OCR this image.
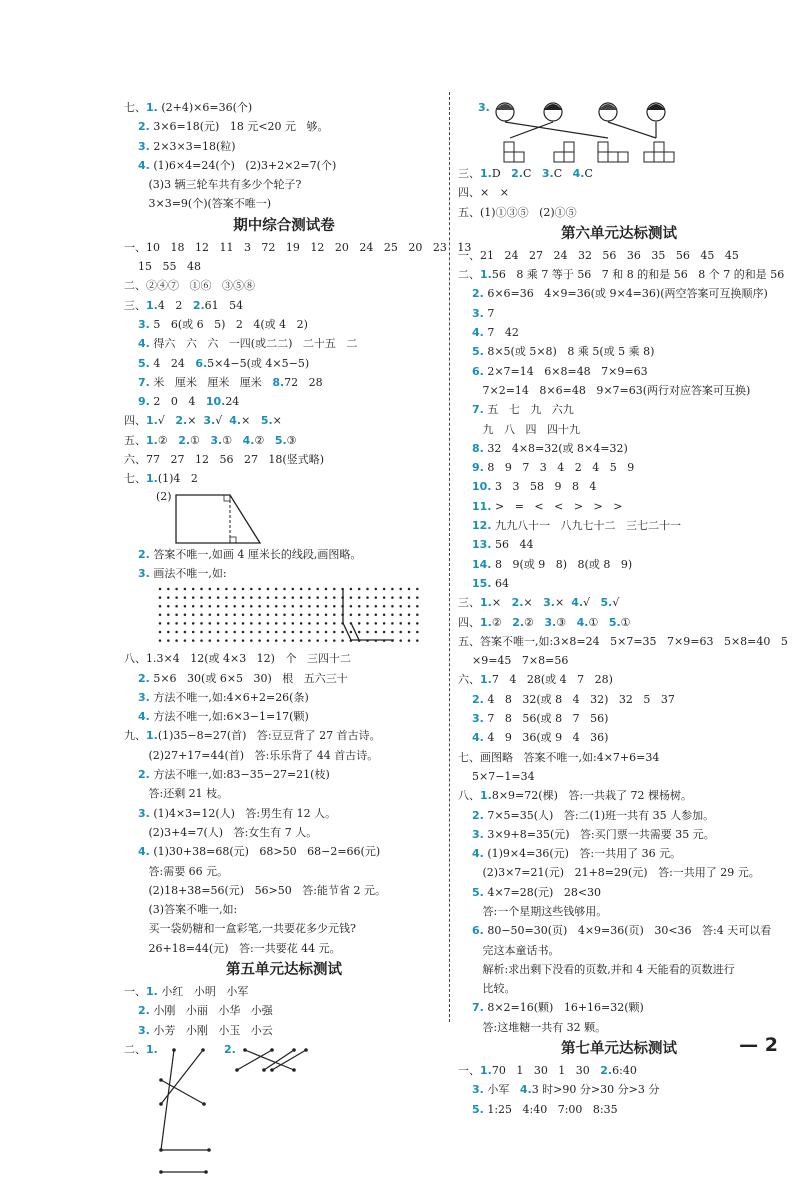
七、1. (2+4)×6=36(个)
2. 3×6=18(元)   18 元<20 元   够。
3. 2×3×3=18(粒)
4. (1)6×4=24(个)   (2)3+2×2=7(个)
(3)3 辆三轮车共有多少个轮子?
3×3=9(个)(答案不唯一)
期中综合测试卷
一、10   18   12   11   3   72   19   12   20   24   25   20   23   13
15   55   48
二、②④⑦   ①⑥   ③⑤⑧
三、1.4   2   2.61   54
3. 5   6(或 6   5)   2   4(或 4   2)
4. 得六   六   六   一四(或二二)   二十五   二
5. 4   24   6.5×4−5(或 4×5−5)
7. 米   厘米   厘米   厘米   8.72   28
9. 2   0   4   10.24
四、1.√   2.×  3.√  4.×   5.×
五、1.②   2.①   3.①   4.②   5.③
六、77   27   12   56   27   18(竖式略)
七、1.(1)4   2
(2)
2. 答案不唯一,如画 4 厘米长的线段,画图略。
3. 画法不唯一,如:
八、1.3×4   12(或 4×3   12)   个   三四十二
2. 5×6   30(或 6×5   30)   根   五六三十
3. 方法不唯一,如:4×6+2=26(条)
4. 方法不唯一,如:6×3−1=17(颗)
九、1.(1)35−8=27(首)   答:豆豆背了 27 首古诗。
(2)27+17=44(首)   答:乐乐背了 44 首古诗。
2. 方法不唯一,如:83−35−27=21(枝)
答:还剩 21 枝。
3. (1)4×3=12(人)   答:男生有 12 人。
(2)3+4=7(人)   答:女生有 7 人。
4. (1)30+38=68(元)   68>50   68−2=66(元)
答:需要 66 元。
(2)18+38=56(元)   56>50   答:能节省 2 元。
(3)答案不唯一,如:
买一袋奶糖和一盒彩笔,一共要花多少元钱?
26+18=44(元)   答:一共要花 44 元。
第五单元达标测试
一、1. 小红   小明   小军
2. 小刚   小丽   小华   小强
3. 小芳   小刚   小玉   小云
二、1.	2.
3.
三、1.D   2.C   3.C   4.C
四、×   ×
五、(1)①③⑤   (2)①⑤
第六单元达标测试
一、21   24   27   24   32   56   36   35   56   45   45
二、1.56   8 乘 7 等于 56   7 和 8 的和是 56   8 个 7 的和是 56
2. 6×6=36   4×9=36(或 9×4=36)(两空答案可互换顺序)
3. 7
4. 7   42
5. 8×5(或 5×8)   8 乘 5(或 5 乘 8)
6. 2×7=14   6×8=48   7×9=63
7×2=14   8×6=48   9×7=63(两行对应答案可互换)
7. 五   七   九   六九
九   八   四   四十九
8. 32   4×8=32(或 8×4=32)
9. 8   9   7   3   4   2   4   5   9
10. 3   3   58   9   8   4
11. >   =   <   <   >   >   >
12. 九九八十一   八九七十二   三七二十一
13. 56   44
14. 8   9(或 9   8)   8(或 8   9)
15. 64
三、1.×   2.×   3.×  4.√   5.√
四、1.②   2.②   3.③   4.①   5.①
五、答案不唯一,如:3×8=24   5×7=35   7×9=63   5×8=40   5
×9=45   7×8=56
六、1.7   4   28(或 4   7   28)
2. 4   8   32(或 8   4   32)   32   5   37
3. 7   8   56(或 8   7   56)
4. 4   9   36(或 9   4   36)
七、画图略   答案不唯一,如:4×7+6=34
5×7−1=34
八、1.8×9=72(棵)   答:一共栽了 72 棵杨树。
2. 7×5=35(人)   答:二(1)班一共有 35 人参加。
3. 3×9+8=35(元)   答:买门票一共需要 35 元。
4. (1)9×4=36(元)   答:一共用了 36 元。
(2)3×7=21(元)   21+8=29(元)   答:一共用了 29 元。
5. 4×7=28(元)   28<30
答:一个星期这些钱够用。
6. 80−50=30(页)   4×9=36(页)   30<36   答:4 天可以看
完这本童话书。
解析:求出剩下没看的页数,并和 4 天能看的页数进行
比较。
7. 8×2=16(颗)   16+16=32(颗)
答:这堆糖一共有 32 颗。
第七单元达标测试
一、1.70   1   30   1   30   2.6:40
3. 小军   4.3 时>90 分>30 分>3 分
5. 1:25   4:40   7:00   8:35
— 2
